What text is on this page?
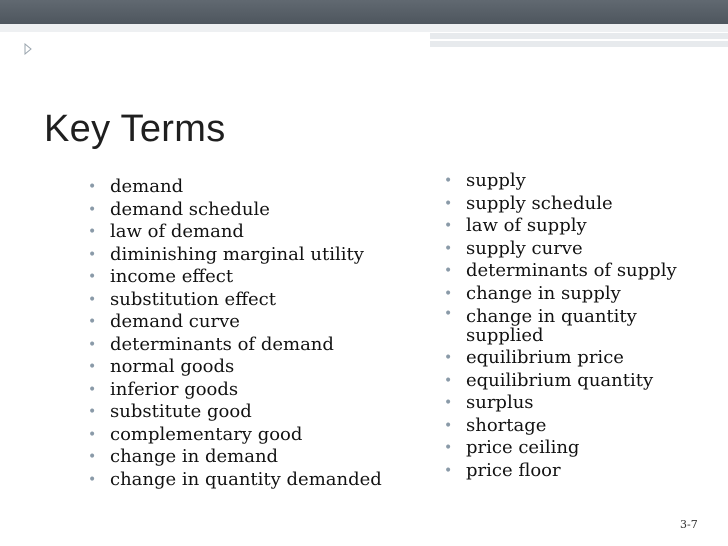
Key Terms
• demand
• demand schedule
• law of demand
• diminishing marginal utility
• income effect
• substitution effect
• demand curve
• determinants of demand
• normal goods
• inferior goods
• substitute good
• complementary good
• change in demand
• change in quantity demanded
• supply
• supply schedule
• law of supply
• supply curve
• determinants of supply
• change in supply
• change in quantity supplied
• equilibrium price
• equilibrium quantity
• surplus
• shortage
• price ceiling
• price floor
3-7
